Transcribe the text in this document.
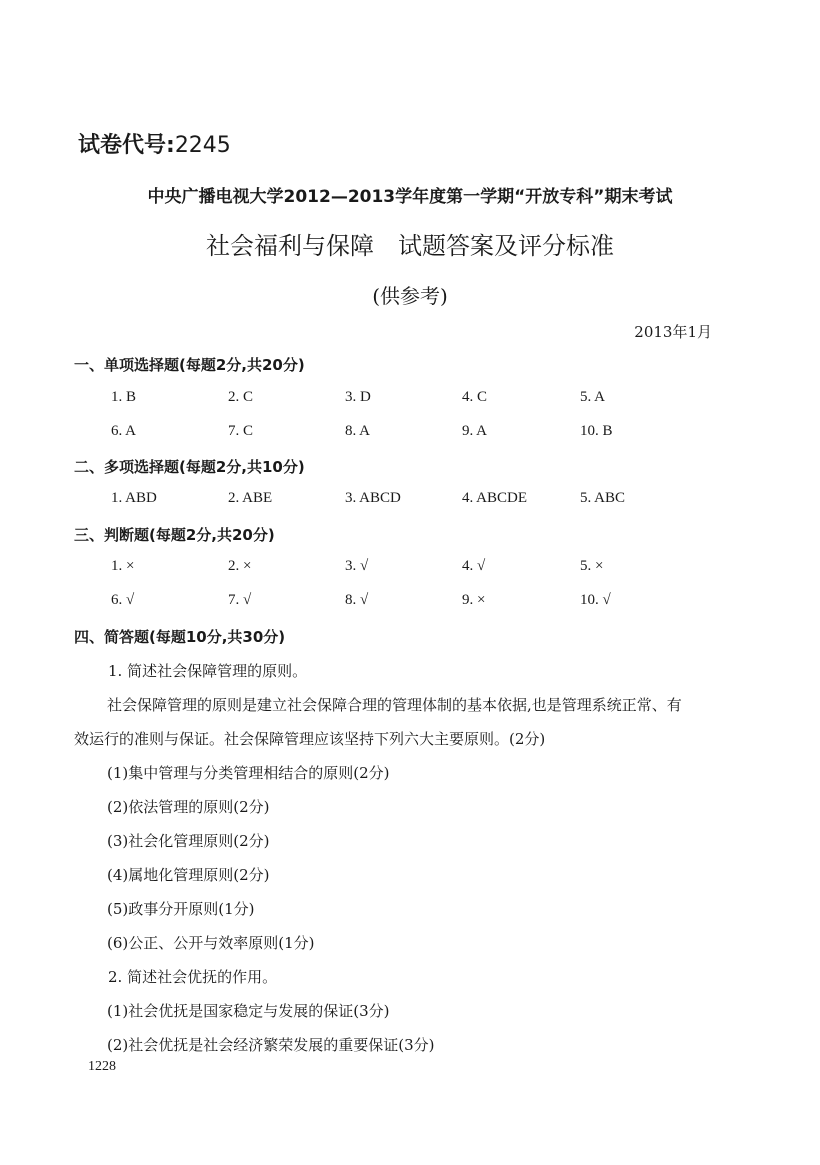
试卷代号:2245
中央广播电视大学2012—2013学年度第一学期“开放专科”期末考试
社会福利与保障　试题答案及评分标准
(供参考)
2013年1月
一、单项选择题(每题2分,共20分)
1. B	2. C	3. D	4. C	5. A
6. A	7. C	8. A	9. A	10. B
二、多项选择题(每题2分,共10分)
1. ABD	2. ABE	3. ABCD	4. ABCDE	5. ABC
三、判断题(每题2分,共20分)
1. ×	2. ×	3. √	4. √	5. ×
6. √	7. √	8. √	9. ×	10. √
四、简答题(每题10分,共30分)
1. 简述社会保障管理的原则。
社会保障管理的原则是建立社会保障合理的管理体制的基本依据,也是管理系统正常、有
效运行的准则与保证。社会保障管理应该坚持下列六大主要原则。(2分)
(1)集中管理与分类管理相结合的原则(2分)
(2)依法管理的原则(2分)
(3)社会化管理原则(2分)
(4)属地化管理原则(2分)
(5)政事分开原则(1分)
(6)公正、公开与效率原则(1分)
2. 简述社会优抚的作用。
(1)社会优抚是国家稳定与发展的保证(3分)
(2)社会优抚是社会经济繁荣发展的重要保证(3分)
1228
